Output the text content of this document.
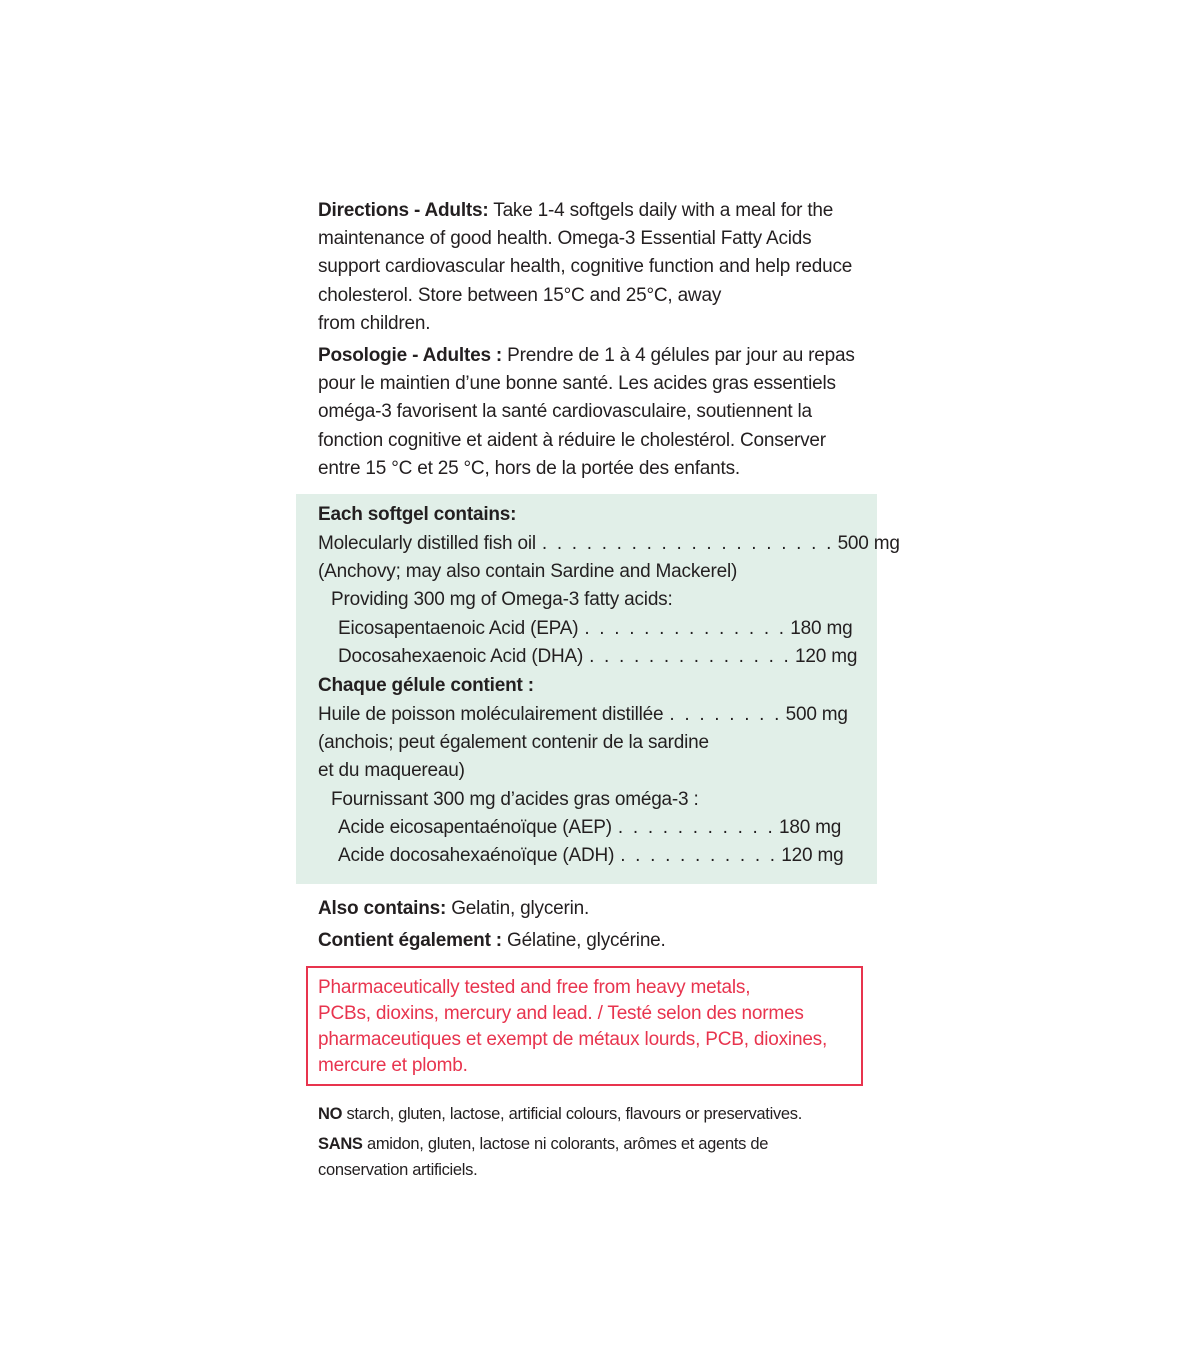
Directions - Adults: Take 1-4 softgels daily with a meal for the
maintenance of good health. Omega-3 Essential Fatty Acids
support cardiovascular health, cognitive function and help reduce
cholesterol. Store between 15°C and 25°C, away
from children.
Posologie - Adultes : Prendre de 1 à 4 gélules par jour au repas
pour le maintien d’une bonne santé. Les acides gras essentiels
oméga-3 favorisent la santé cardiovasculaire, soutiennent la
fonction cognitive et aident à réduire le cholestérol. Conserver
entre 15 °C et 25 °C, hors de la portée des enfants.
Each softgel contains:
Molecularly distilled fish oil . . . . . . . . . . . . . . . . . . . . 500 mg
(Anchovy; may also contain Sardine and Mackerel)
Providing 300 mg of Omega-3 fatty acids:
Eicosapentaenoic Acid (EPA) . . . . . . . . . . . . . . 180 mg
Docosahexaenoic Acid (DHA) . . . . . . . . . . . . . . 120 mg
Chaque gélule contient :
Huile de poisson moléculairement distillée . . . . . . . . 500 mg
(anchois; peut également contenir de la sardine
et du maquereau)
Fournissant 300 mg d’acides gras oméga-3 :
Acide eicosapentaénoïque (AEP) . . . . . . . . . . . 180 mg
Acide docosahexaénoïque (ADH) . . . . . . . . . . . 120 mg
Also contains: Gelatin, glycerin.
Contient également : Gélatine, glycérine.
Pharmaceutically tested and free from heavy metals,
PCBs, dioxins, mercury and lead. / Testé selon des normes
pharmaceutiques et exempt de métaux lourds, PCB, dioxines,
mercure et plomb.
NO starch, gluten, lactose, artificial colours, flavours or preservatives.
SANS amidon, gluten, lactose ni colorants, arômes et agents de
conservation artificiels.
